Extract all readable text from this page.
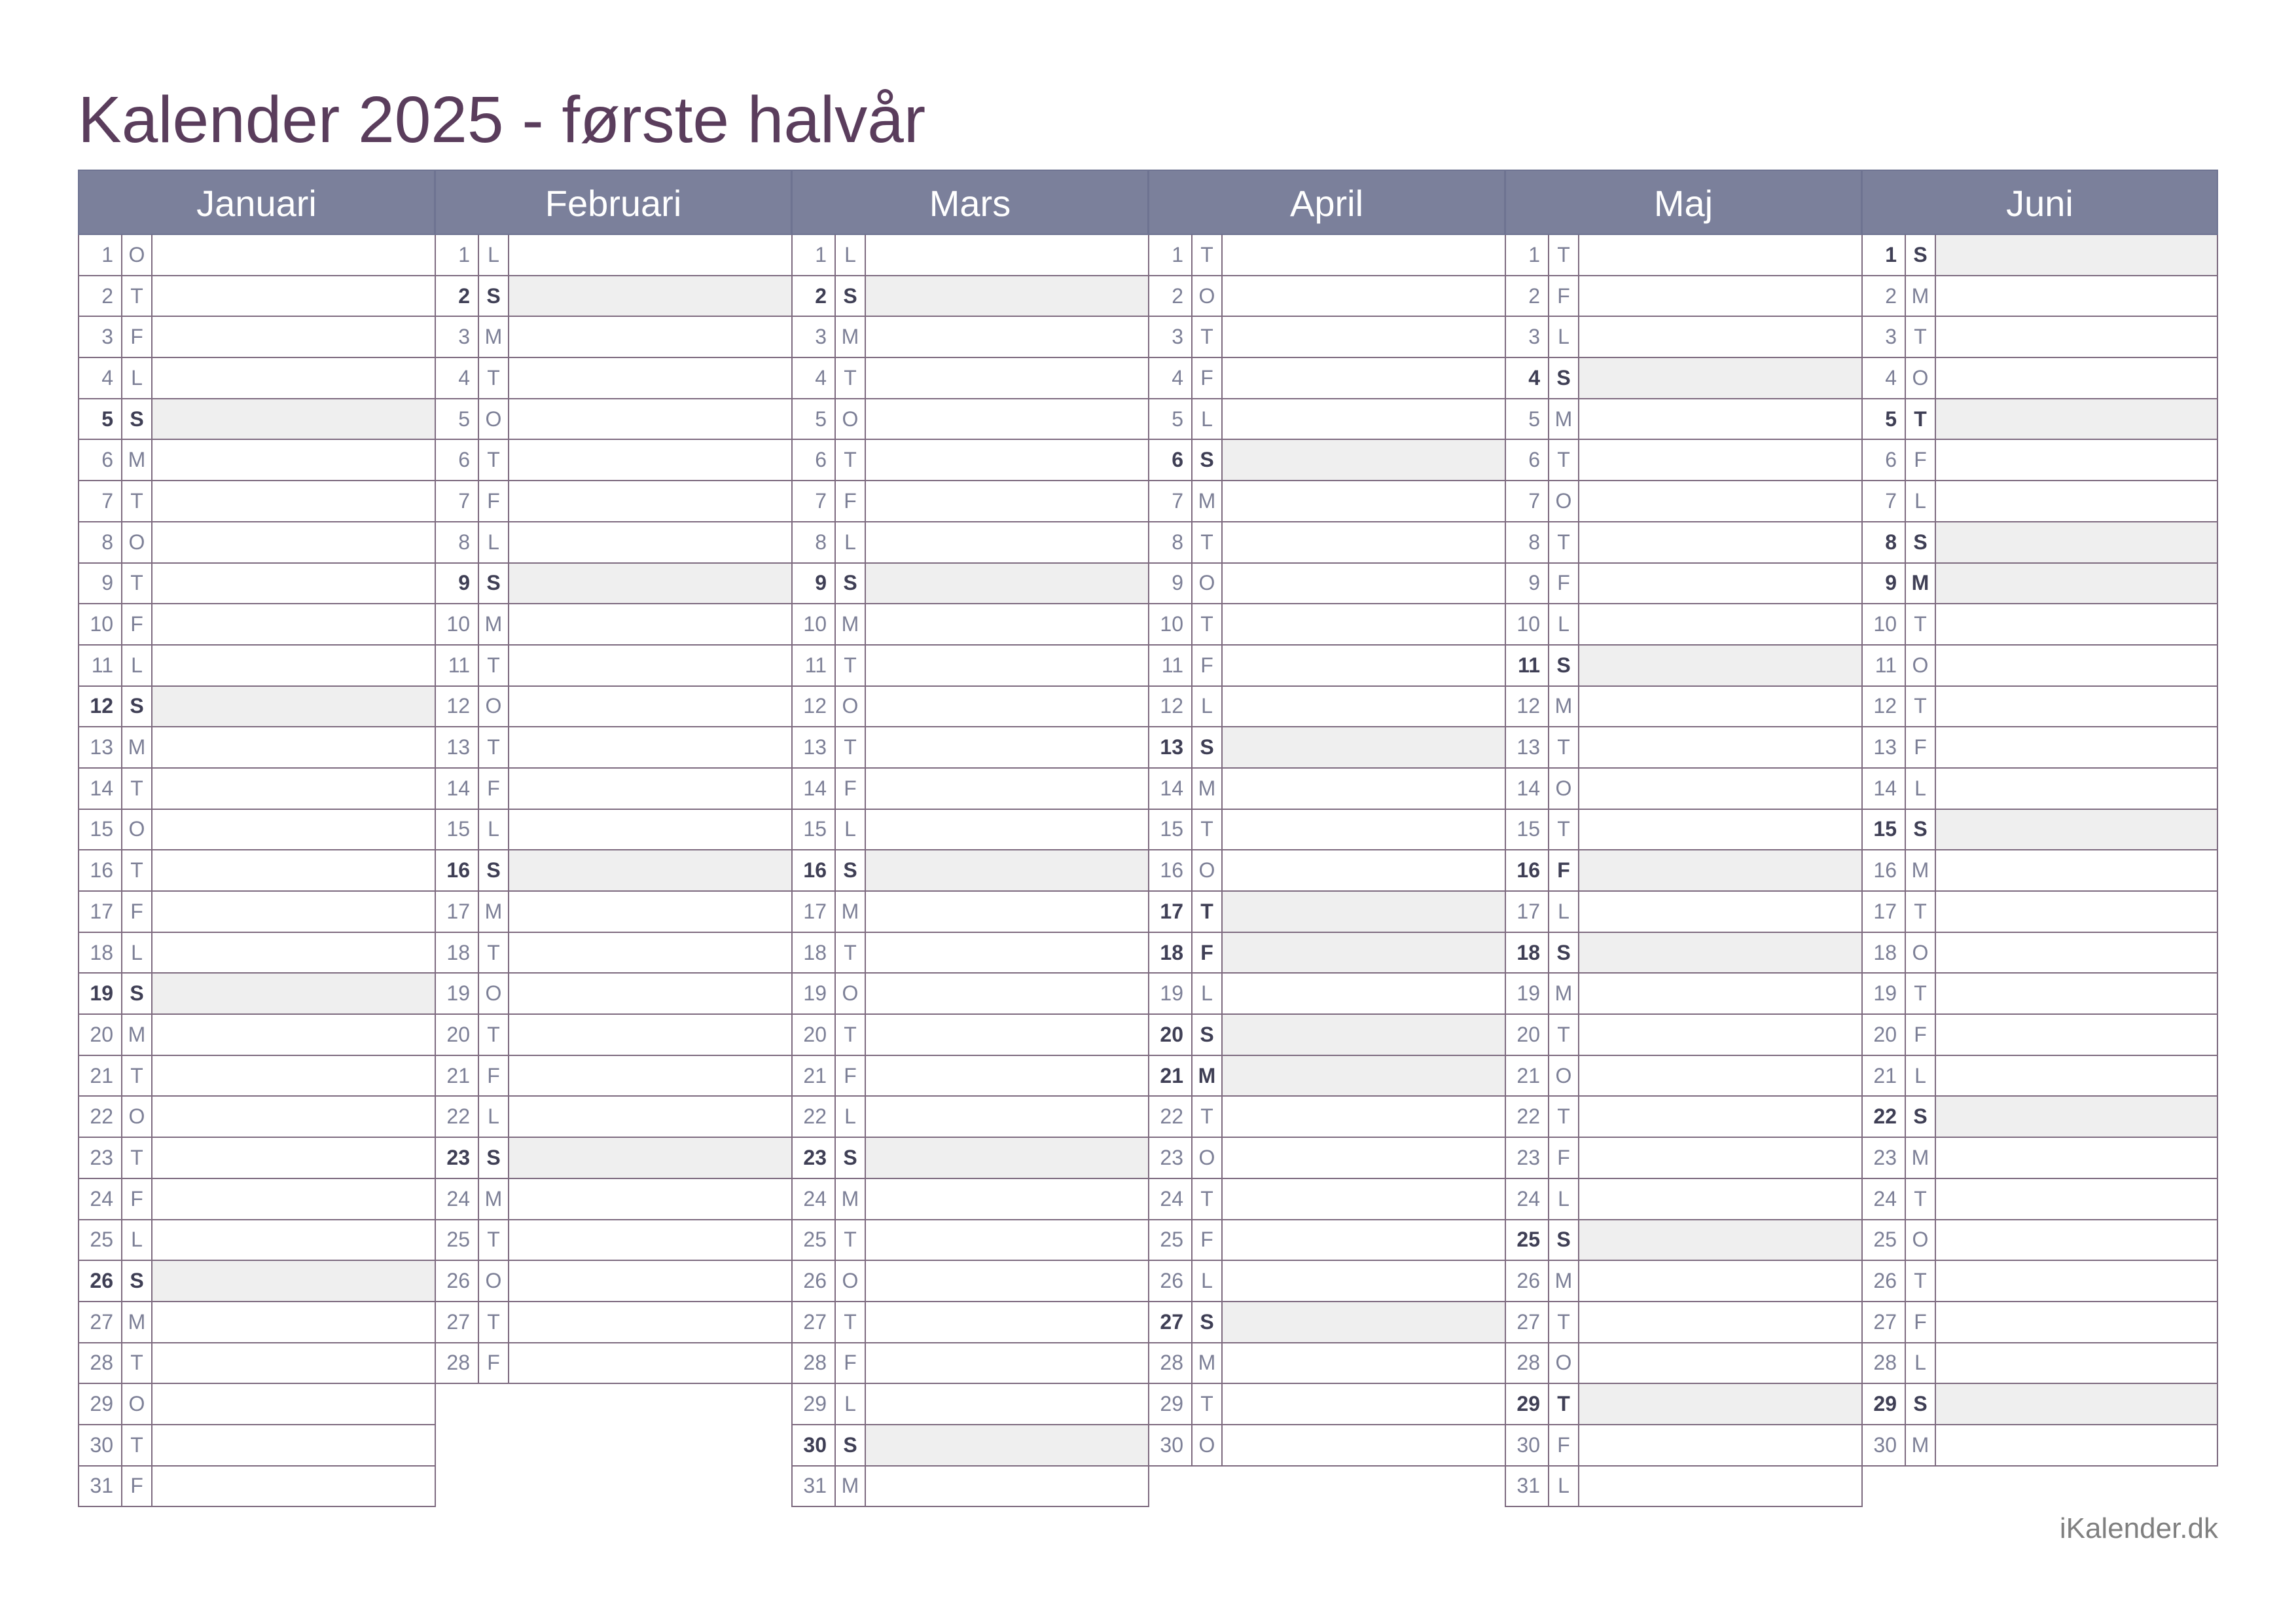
Kalender 2025 - første halvår
Januari
1 O
2 T
3 F
4 L
5 S
6 M
7 T
8 O
9 T
10 F
11 L
12 S
13 M
14 T
15 O
16 T
17 F
18 L
19 S
20 M
21 T
22 O
23 T
24 F
25 L
26 S
27 M
28 T
29 O
30 T
31 F
Februari
1 L
2 S
3 M
4 T
5 O
6 T
7 F
8 L
9 S
10 M
11 T
12 O
13 T
14 F
15 L
16 S
17 M
18 T
19 O
20 T
21 F
22 L
23 S
24 M
25 T
26 O
27 T
28 F
Mars
1 L
2 S
3 M
4 T
5 O
6 T
7 F
8 L
9 S
10 M
11 T
12 O
13 T
14 F
15 L
16 S
17 M
18 T
19 O
20 T
21 F
22 L
23 S
24 M
25 T
26 O
27 T
28 F
29 L
30 S
31 M
April
1 T
2 O
3 T
4 F
5 L
6 S
7 M
8 T
9 O
10 T
11 F
12 L
13 S
14 M
15 T
16 O
17 T
18 F
19 L
20 S
21 M
22 T
23 O
24 T
25 F
26 L
27 S
28 M
29 T
30 O
Maj
1 T
2 F
3 L
4 S
5 M
6 T
7 O
8 T
9 F
10 L
11 S
12 M
13 T
14 O
15 T
16 F
17 L
18 S
19 M
20 T
21 O
22 T
23 F
24 L
25 S
26 M
27 T
28 O
29 T
30 F
31 L
Juni
1 S
2 M
3 T
4 O
5 T
6 F
7 L
8 S
9 M
10 T
11 O
12 T
13 F
14 L
15 S
16 M
17 T
18 O
19 T
20 F
21 L
22 S
23 M
24 T
25 O
26 T
27 F
28 L
29 S
30 M
iKalender.dk
